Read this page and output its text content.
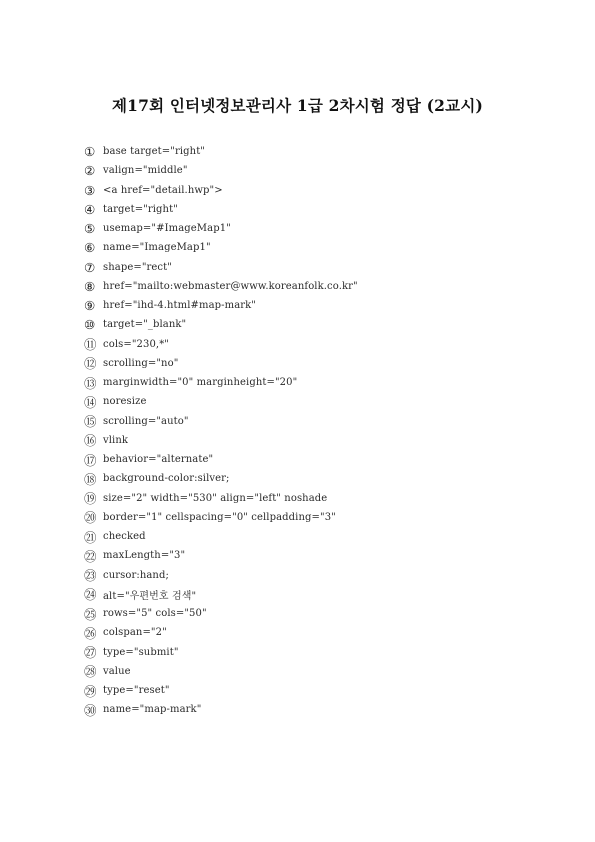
제17회 인터넷정보관리사 1급 2차시험 정답 (2교시)
① base target="right"
② valign="middle"
③ <a href="detail.hwp">
④ target="right"
⑤ usemap="#ImageMap1"
⑥ name="ImageMap1"
⑦ shape="rect"
⑧ href="mailto:webmaster@www.koreanfolk.co.kr"
⑨ href="ihd-4.html#map-mark"
⑩ target="_blank"
⑪ cols="230,*"
⑫ scrolling="no"
⑬ marginwidth="0" marginheight="20"
⑭ noresize
⑮ scrolling="auto"
⑯ vlink
⑰ behavior="alternate"
⑱ background-color:silver;
⑲ size="2" width="530" align="left" noshade
⑳ border="1" cellspacing="0" cellpadding="3"
㉑ checked
㉒ maxLength="3"
㉓ cursor:hand;
㉔ alt="우편번호 검색"
㉕ rows="5" cols="50"
㉖ colspan="2"
㉗ type="submit"
㉘ value
㉙ type="reset"
㉚ name="map-mark"
